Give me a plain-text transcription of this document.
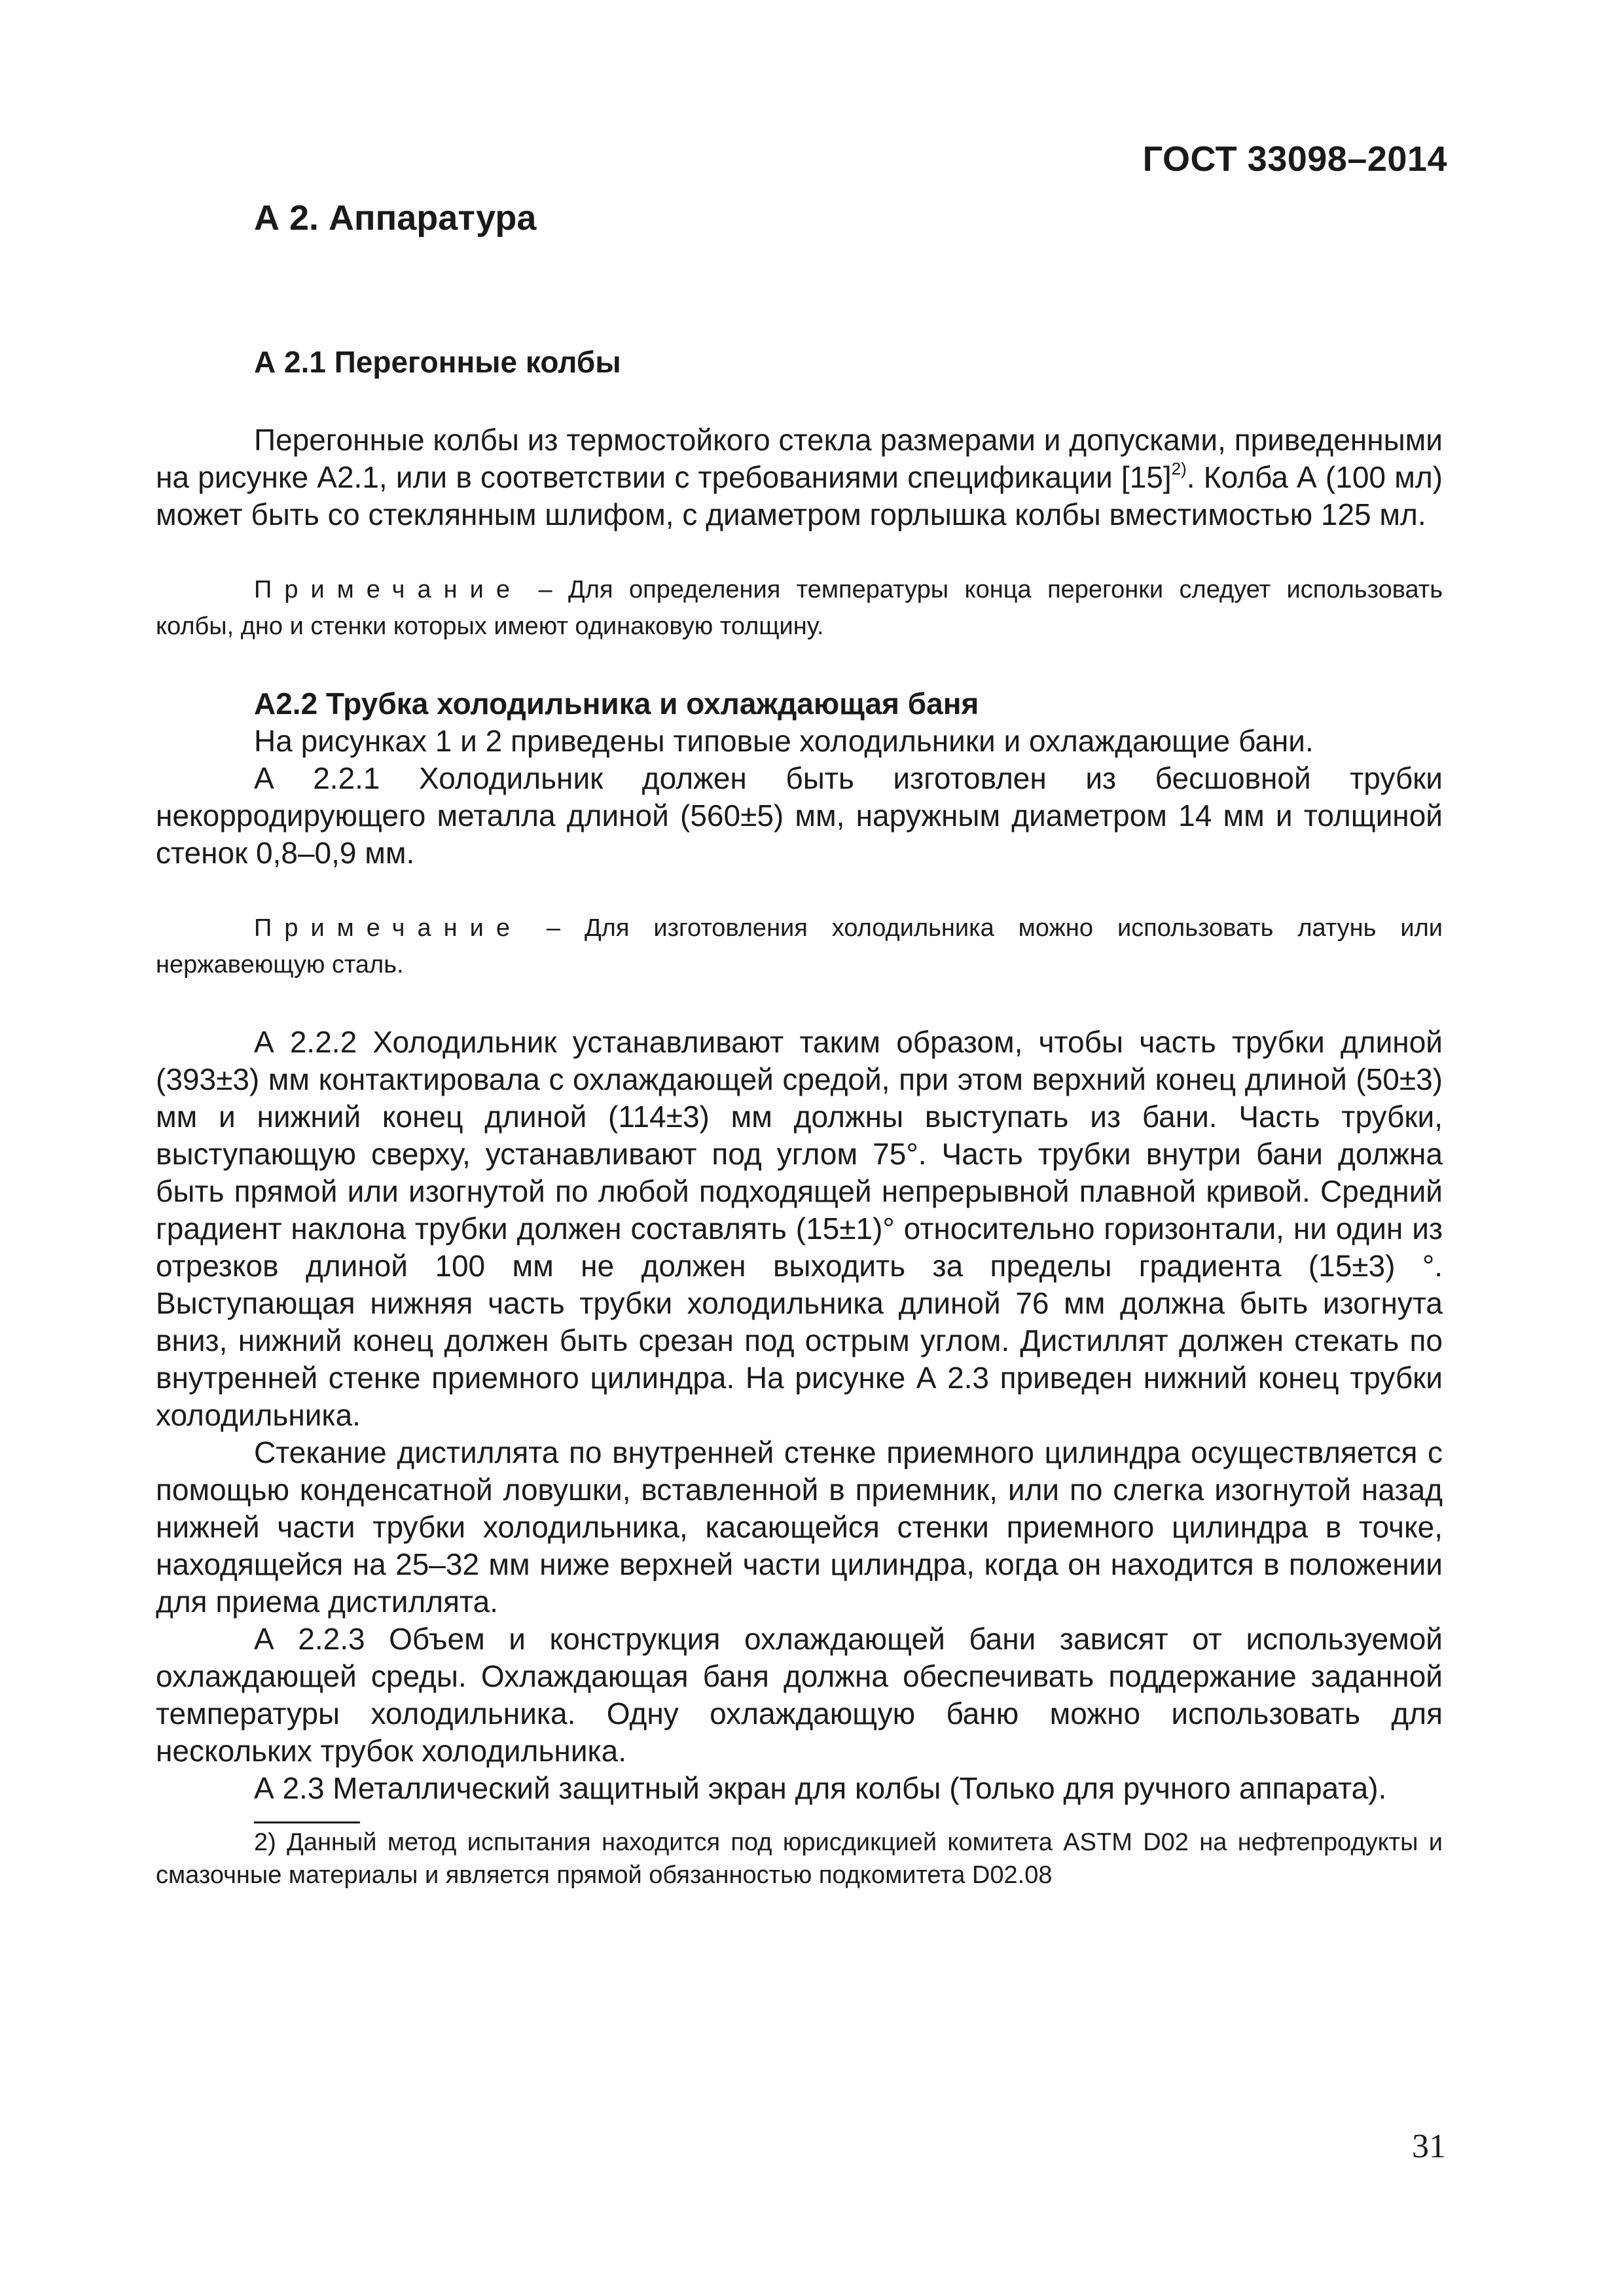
ГОСТ 33098–2014
А 2. Аппаратура
А 2.1 Перегонные колбы

Перегонные колбы из термостойкого стекла размерами и допусками, приведенными на рисунке А2.1, или в соответствии с требованиями спецификации $[15]^{2)}$. Колба А (100 мл) может быть со стеклянным шлифом, с диаметром горлышка колбы вместимостью 125 мл.

Примечание – Для определения температуры конца перегонки следует использовать колбы, дно и стенки которых имеют одинаковую толщину.

А2.2 Трубка холодильника и охлаждающая баня

На рисунках 1 и 2 приведены типовые холодильники и охлаждающие бани.

А 2.2.1 Холодильник должен быть изготовлен из бесшовной трубки некорродирующего металла длиной (560±5) мм, наружным диаметром 14 мм и толщиной стенок 0,8–0,9 мм.

Примечание – Для изготовления холодильника можно использовать латунь или нержавеющую сталь.

А 2.2.2 Холодильник устанавливают таким образом, чтобы часть трубки длиной (393±3) мм контактировала с охлаждающей средой, при этом верхний конец длиной (50±3) мм и нижний конец длиной (114±3) мм должны выступать из бани. Часть трубки, выступающую сверху, устанавливают под углом 75°. Часть трубки внутри бани должна быть прямой или изогнутой по любой подходящей непрерывной плавной кривой. Средний градиент наклона трубки должен составлять (15±1)° относительно горизонтали, ни один из отрезков длиной 100 мм не должен выходить за пределы градиента (15±3) °. Выступающая нижняя часть трубки холодильника длиной 76 мм должна быть изогнута вниз, нижний конец должен быть срезан под острым углом. Дистиллят должен стекать по внутренней стенке приемного цилиндра. На рисунке А 2.3 приведен нижний конец трубки холодильника.

Стекание дистиллята по внутренней стенке приемного цилиндра осуществляется с помощью конденсатной ловушки, вставленной в приемник, или по слегка изогнутой назад нижней части трубки холодильника, касающейся стенки приемного цилиндра в точке, находящейся на 25–32 мм ниже верхней части цилиндра, когда он находится в положении для приема дистиллята.

А 2.2.3 Объем и конструкция охлаждающей бани зависят от используемой охлаждающей среды. Охлаждающая баня должна обеспечивать поддержание заданной температуры холодильника. Одну охлаждающую баню можно использовать для нескольких трубок холодильника.

А 2.3 Металлический защитный экран для колбы (Только для ручного аппарата).

2) Данный метод испытания находится под юрисдикцией комитета ASTM D02 на нефтепродукты и смазочные материалы и является прямой обязанностью подкомитета D02.08

31
